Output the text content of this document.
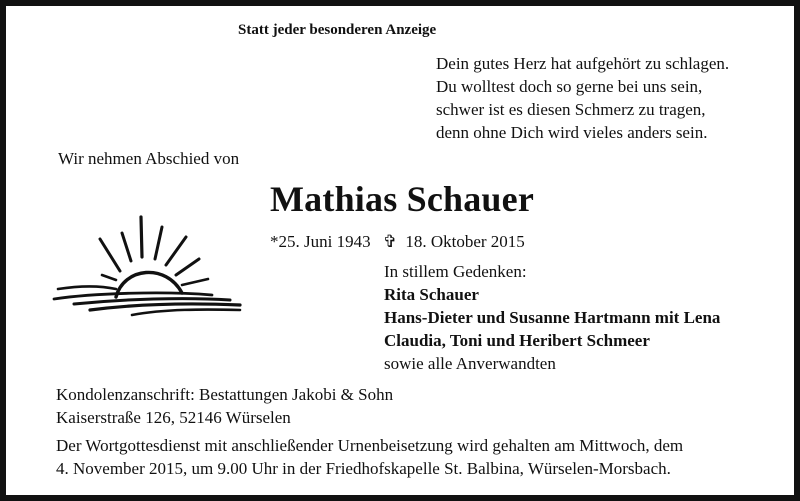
Statt jeder besonderen Anzeige
Dein gutes Herz hat aufgehört zu schlagen.
Du wolltest doch so gerne bei uns sein,
schwer ist es diesen Schmerz zu tragen,
denn ohne Dich wird vieles anders sein.
Wir nehmen Abschied von
Mathias Schauer
*25. Juni 1943 ✞ 18. Oktober 2015
In stillem Gedenken:
Rita Schauer
Hans-Dieter und Susanne Hartmann mit Lena
Claudia, Toni und Heribert Schmeer
sowie alle Anverwandten
Kondolenzanschrift: Bestattungen Jakobi & Sohn
Kaiserstraße 126, 52146 Würselen
Der Wortgottesdienst mit anschließender Urnenbeisetzung wird gehalten am Mittwoch, dem
4. November 2015, um 9.00 Uhr in der Friedhofskapelle St. Balbina, Würselen-Morsbach.
